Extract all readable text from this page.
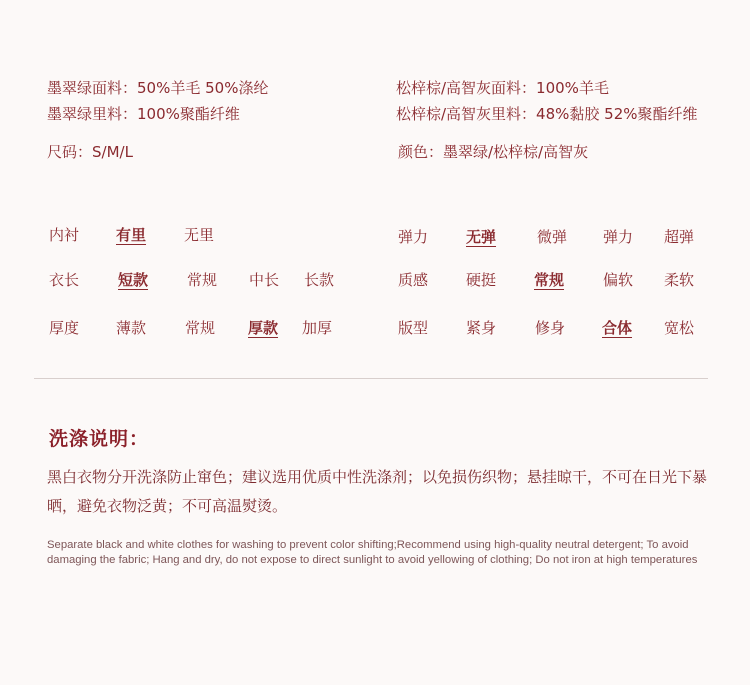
墨翠绿面料：50%羊毛 50%涤纶
墨翠绿里料：100%聚酯纤维
尺码：S/M/L
松梓棕/高智灰面料：100%羊毛
松梓棕/高智灰里料：48%黏胶 52%聚酯纤维
颜色：墨翠绿/松梓棕/高智灰
内衬 有里	无里
衣长	短款	常规 中长 长款
厚度 薄款	常规 厚款 加厚
弹力	无弹	微弹 弹力 超弹
质感	硬挺	常规	偏软 柔软
版型	紧身	修身 合体 宽松
洗涤说明：
黑白衣物分开洗涤防止窜色；建议选用优质中性洗涤剂；以免损伤织物；悬挂晾干，不可在日光下暴晒，避免衣物泛黄；不可高温熨烫。
Separate black and white clothes for washing to prevent color shifting;Recommend using high-quality neutral detergent; To avoid damaging the fabric; Hang and dry, do not expose to direct sunlight to avoid yellowing of clothing; Do not iron at high temperatures
